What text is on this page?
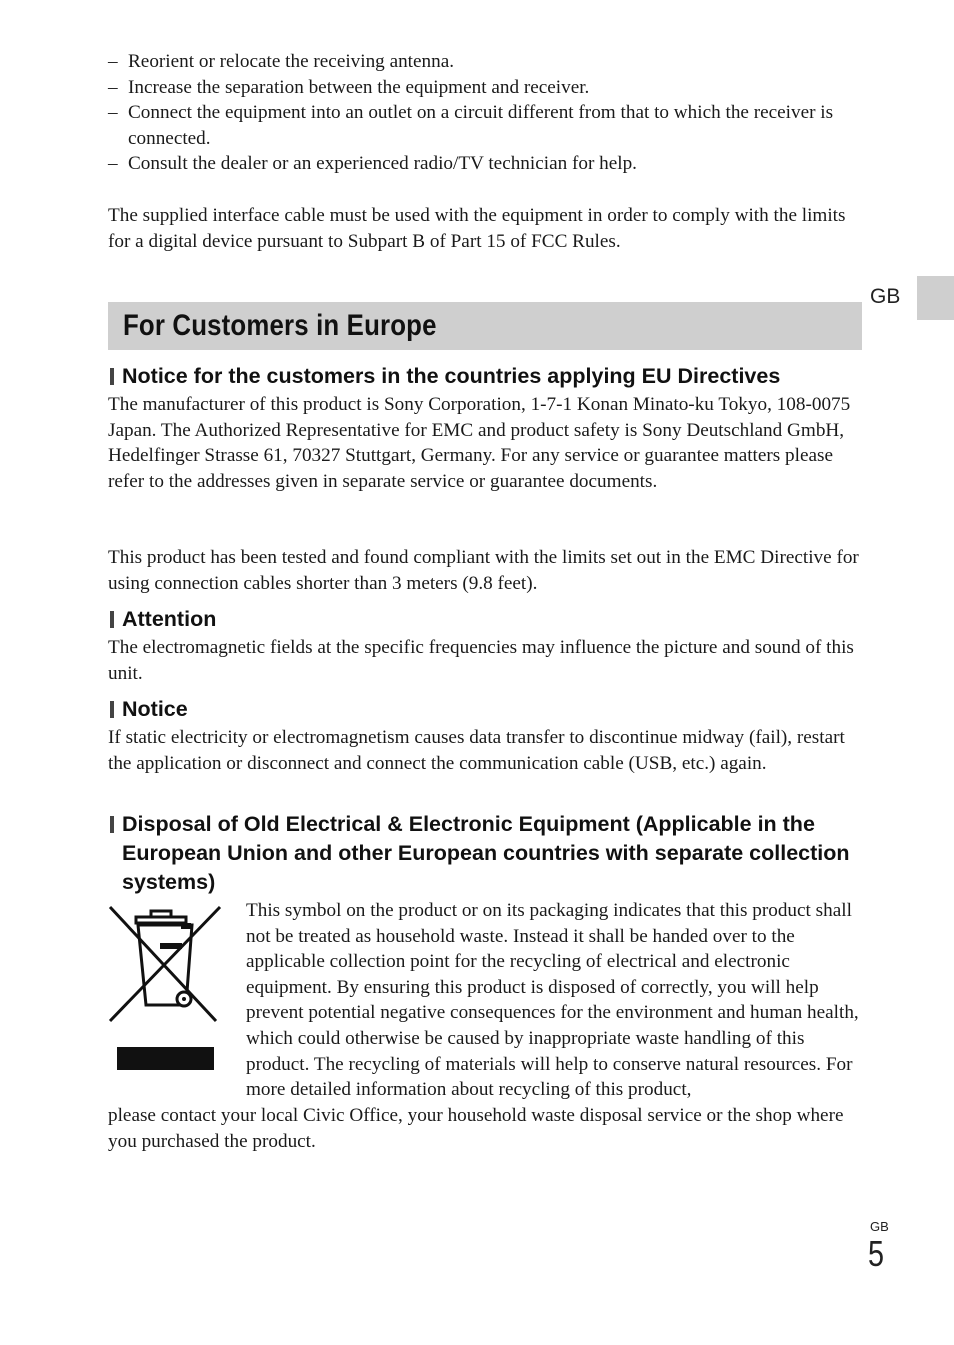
– Reorient or relocate the receiving antenna.
– Increase the separation between the equipment and receiver.
– Connect the equipment into an outlet on a circuit different from that to which the receiver is connected.
– Consult the dealer or an experienced radio/TV technician for help.

The supplied interface cable must be used with the equipment in order to comply with the limits for a digital device pursuant to Subpart B of Part 15 of FCC Rules.

GB
For Customers in Europe
Notice for the customers in the countries applying EU Directives

The manufacturer of this product is Sony Corporation, 1-7-1 Konan Minato-ku Tokyo, 108-0075 Japan. The Authorized Representative for EMC and product safety is Sony Deutschland GmbH, Hedelfinger Strasse 61, 70327 Stuttgart, Germany. For any service or guarantee matters please refer to the addresses given in separate service or guarantee documents.

This product has been tested and found compliant with the limits set out in the EMC Directive for using connection cables shorter than 3 meters (9.8 feet).

Attention

The electromagnetic fields at the specific frequencies may influence the picture and sound of this unit.

Notice

If static electricity or electromagnetism causes data transfer to discontinue midway (fail), restart the application or disconnect and connect the communication cable (USB, etc.) again.

Disposal of Old Electrical & Electronic Equipment (Applicable in the European Union and other European countries with separate collection systems)

This symbol on the product or on its packaging indicates that this product shall not be treated as household waste. Instead it shall be handed over to the applicable collection point for the recycling of electrical and electronic equipment. By ensuring this product is disposed of correctly, you will help prevent potential negative consequences for the environment and human health, which could otherwise be caused by inappropriate waste handling of this product. The recycling of materials will help to conserve natural resources. For more detailed information about recycling of this product,

please contact your local Civic Office, your household waste disposal service or the shop where you purchased the product.

GB
5
